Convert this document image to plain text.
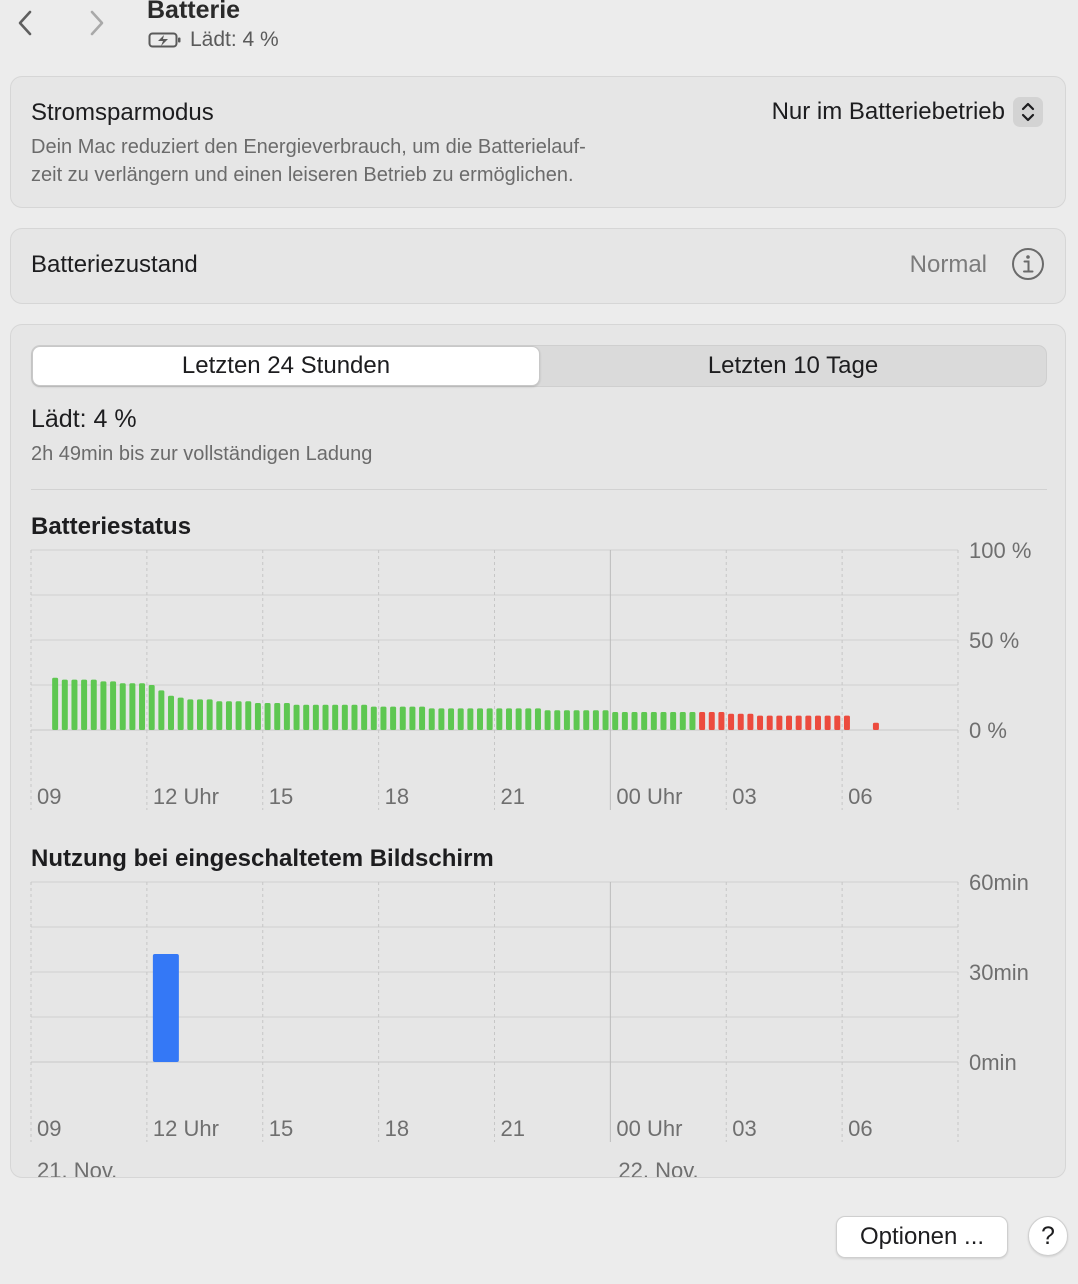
Batterie
Lädt: 4 %
Stromsparmodus
Dein Mac reduziert den Energieverbrauch, um die Batterielauf-
zeit zu verlängern und einen leiseren Betrieb zu ermöglichen.
Nur im Batteriebetrieb
Batteriezustand	Normal
Letzten 24 Stunden	Letzten 10 Tage
Lädt: 4 %
2h 49min bis zur vollständigen Ladung
Batteriestatus
Nutzung bei eingeschaltetem Bildschirm
100 %
50 %
0 %
09	12 Uhr 15	18	21	00 Uhr 03	06
60min
30min
0min
09	12 Uhr 15	18	21	00 Uhr 03	06
21. Nov.	22. Nov.
Optionen ...	?
